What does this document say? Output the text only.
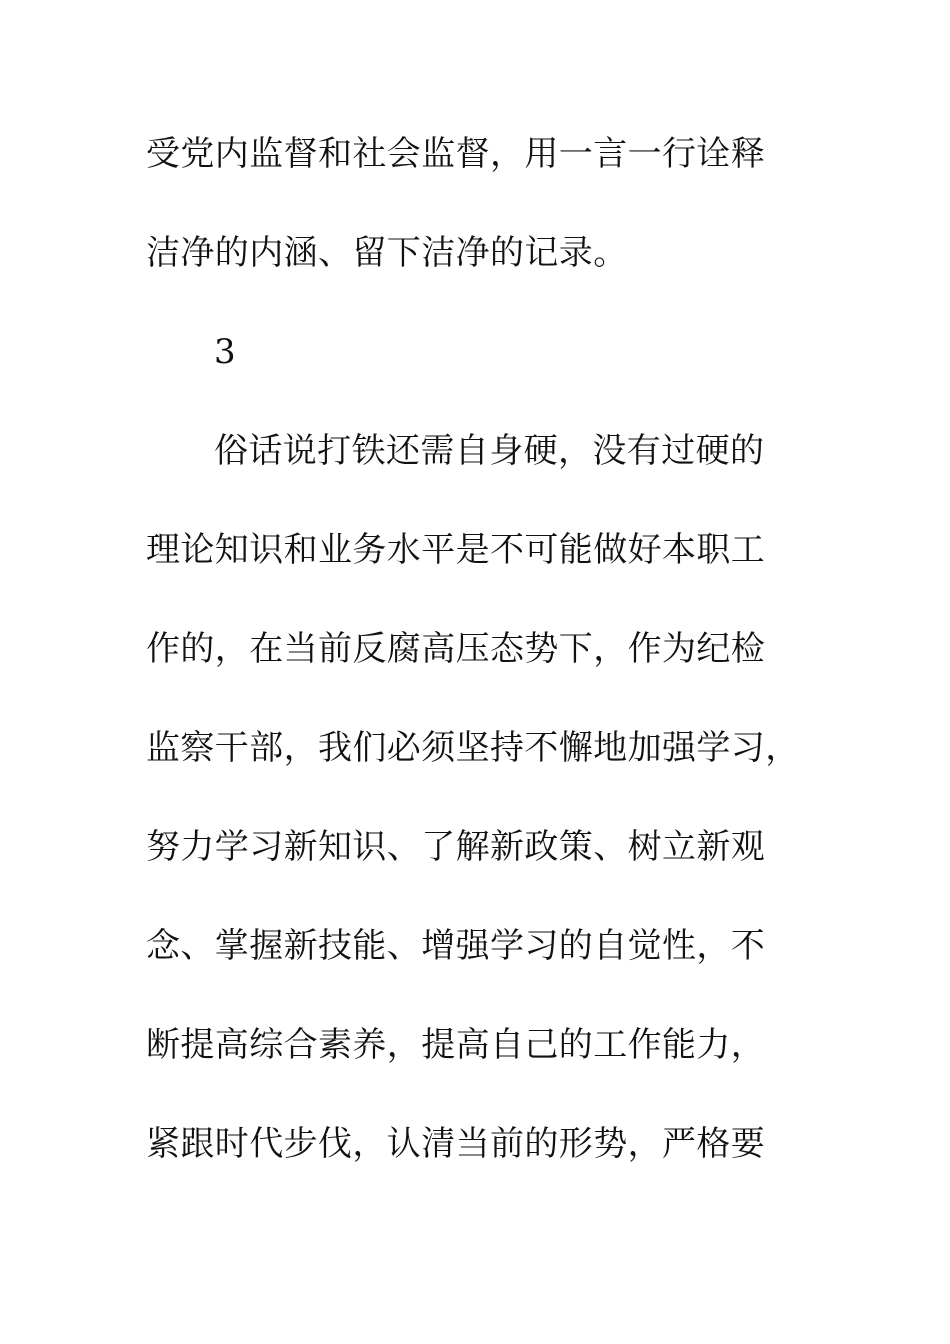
受党内监督和社会监督，用一言一行诠释
洁净的内涵、留下洁净的记录。
3
俗话说打铁还需自身硬，没有过硬的
理论知识和业务水平是不可能做好本职工
作的，在当前反腐高压态势下，作为纪检
监察干部，我们必须坚持不懈地加强学习，
努力学习新知识、了解新政策、树立新观
念、掌握新技能、增强学习的自觉性，不
断提高综合素养，提高自己的工作能力，
紧跟时代步伐，认清当前的形势，严格要
